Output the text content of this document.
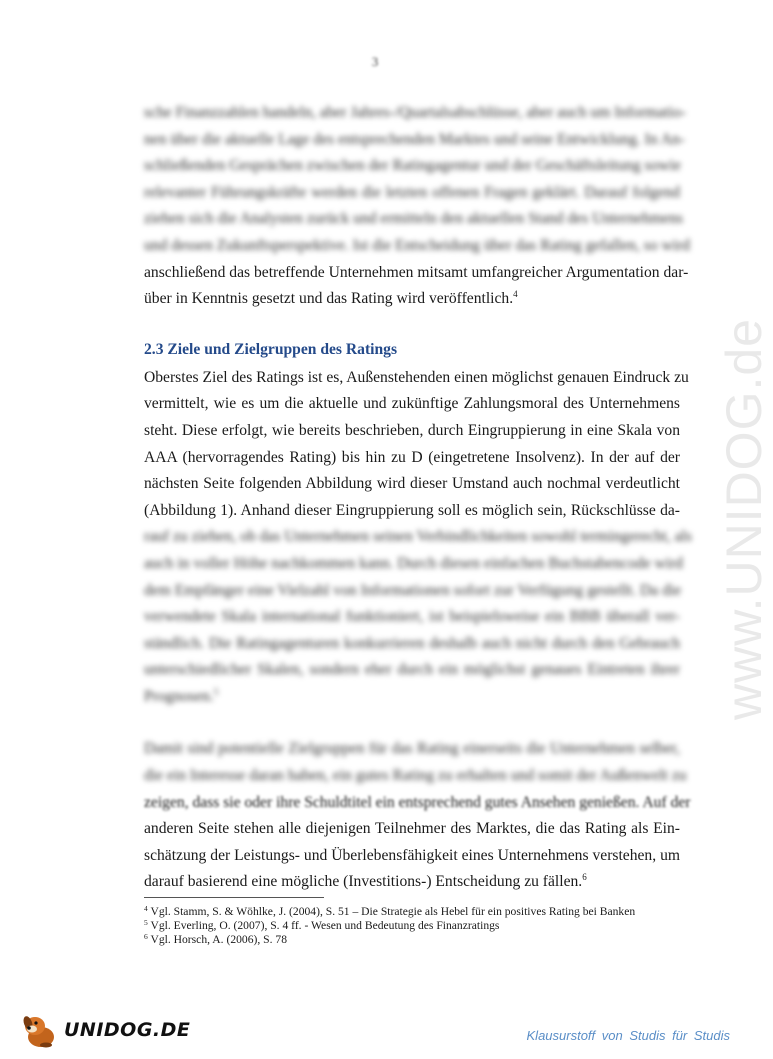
3
sche Finanzzahlen handeln, aber Jahres-/Quartalsabschlüsse, aber auch um Informatio-
nen über die aktuelle Lage des entsprechenden Marktes und seine Entwicklung. In An-
schließenden Gesprächen zwischen der Ratingagentur und der Geschäftsleitung sowie
relevanter Führungskräfte werden die letzten offenen Fragen geklärt. Darauf folgend
ziehen sich die Analysten zurück und ermitteln den aktuellen Stand des Unternehmens
und dessen Zukunftsperspektive. Ist die Entscheidung über das Rating gefallen, so wird
anschließend das betreffende Unternehmen mitsamt umfangreicher Argumentation dar-
über in Kenntnis gesetzt und das Rating wird veröffentlich.$^4$
2.3 Ziele und Zielgruppen des Ratings
Oberstes Ziel des Ratings ist es, Außenstehenden einen möglichst genauen Eindruck zu
vermittelt, wie es um die aktuelle und zukünftige Zahlungsmoral des Unternehmens
steht. Diese erfolgt, wie bereits beschrieben, durch Eingruppierung in eine Skala von
AAA (hervorragendes Rating) bis hin zu D (eingetretene Insolvenz). In der auf der
nächsten Seite folgenden Abbildung wird dieser Umstand auch nochmal verdeutlicht
(Abbildung 1). Anhand dieser Eingruppierung soll es möglich sein, Rückschlüsse da-
rauf zu ziehen, ob das Unternehmen seinen Verbindlichkeiten sowohl termingerecht, als
auch in voller Höhe nachkommen kann. Durch diesen einfachen Buchstabencode wird
dem Empfänger eine Vielzahl von Informationen sofort zur Verfügung gestellt. Da die
verwendete Skala international funktioniert, ist beispielsweise ein BBB überall ver-
ständlich. Die Ratingagenturen konkurrieren deshalb auch nicht durch den Gebrauch
unterschiedlicher Skalen, sondern eher durch ein möglichst genaues Eintreten ihrer
Prognosen.$^5$
Damit sind potentielle Zielgruppen für das Rating einerseits die Unternehmen selber,
die ein Interesse daran haben, ein gutes Rating zu erhalten und somit der Außenwelt zu
zeigen, dass sie oder ihre Schuldtitel ein entsprechend gutes Ansehen genießen. Auf der
anderen Seite stehen alle diejenigen Teilnehmer des Marktes, die das Rating als Ein-
schätzung der Leistungs- und Überlebensfähigkeit eines Unternehmens verstehen, um
darauf basierend eine mögliche (Investitions-) Entscheidung zu fällen.$^6$
$^4$ Vgl. Stamm, S. & Wöhlke, J. (2004), S. 51 – Die Strategie als Hebel für ein positives Rating bei Banken
$^5$ Vgl. Everling, O. (2007), S. 4 ff. - Wesen und Bedeutung des Finanzratings
$^6$ Vgl. Horsch, A. (2006), S. 78
www.UNIDOG.de
UNIDOG.DE	Klausurstoff von Studis für Studis
